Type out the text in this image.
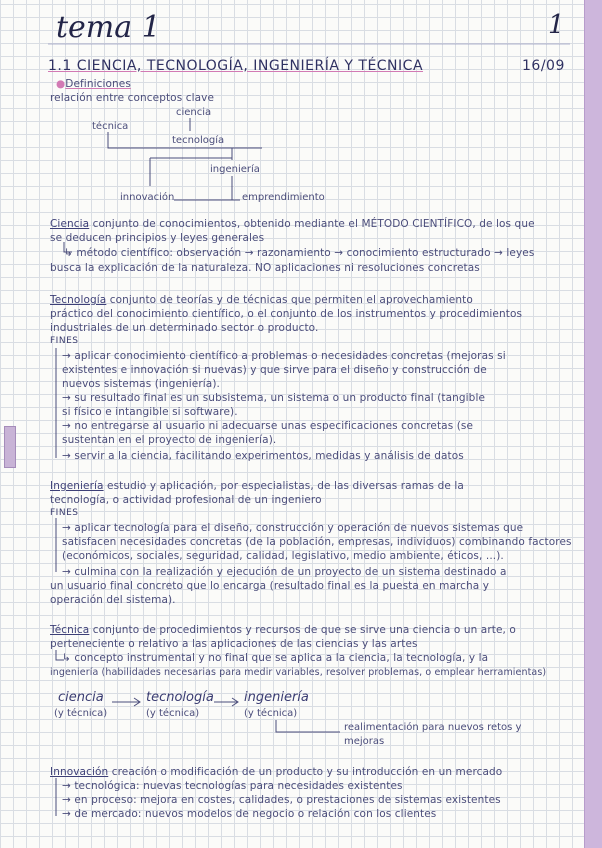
tema 1	1
1.1 CIENCIA, TECNOLOGÍA, INGENIERÍA Y TÉCNICA	16/09
●Definiciones
relación entre conceptos clave
ciencia
técnica
tecnología
ingeniería
innovación	emprendimiento
Ciencia conjunto de conocimientos, obtenido mediante el MÉTODO CIENTÍFICO, de los que
se deducen principios y leyes generales
↳ método científico: observación → razonamiento → conocimiento estructurado → leyes
busca la explicación de la naturaleza. NO aplicaciones ni resoluciones concretas
Tecnología conjunto de teorías y de técnicas que permiten el aprovechamiento
práctico del conocimiento científico, o el conjunto de los instrumentos y procedimientos
industriales de un determinado sector o producto.
FINES
→ aplicar conocimiento científico a problemas o necesidades concretas (mejoras si
existentes e innovación si nuevas) y que sirve para el diseño y construcción de
nuevos sistemas (ingeniería).
→ su resultado final es un subsistema, un sistema o un producto final (tangible
si físico e intangible si software).
→ no entregarse al usuario ni adecuarse unas especificaciones concretas (se
sustentan en el proyecto de ingeniería).
→ servir a la ciencia, facilitando experimentos, medidas y análisis de datos
Ingeniería estudio y aplicación, por especialistas, de las diversas ramas de la
tecnología, o actividad profesional de un ingeniero
FINES
→ aplicar tecnología para el diseño, construcción y operación de nuevos sistemas que
satisfacen necesidades concretas (de la población, empresas, individuos) combinando factores
(económicos, sociales, seguridad, calidad, legislativo, medio ambiente, éticos, ...).
→ culmina con la realización y ejecución de un proyecto de un sistema destinado a
un usuario final concreto que lo encarga (resultado final es la puesta en marcha y
operación del sistema).
Técnica conjunto de procedimientos y recursos de que se sirve una ciencia o un arte, o
perteneciente o relativo a las aplicaciones de las ciencias y las artes
↳ concepto instrumental y no final que se aplica a la ciencia, la tecnología, y la
ingeniería (habilidades necesarias para medir variables, resolver problemas, o emplear herramientas)
ciencia	tecnología ingeniería
(y técnica)	(y técnica)	(y técnica)
realimentación para nuevos retos y
mejoras
Innovación creación o modificación de un producto y su introducción en un mercado
→ tecnológica: nuevas tecnologías para necesidades existentes
→ en proceso: mejora en costes, calidades, o prestaciones de sistemas existentes
→ de mercado: nuevos modelos de negocio o relación con los clientes
